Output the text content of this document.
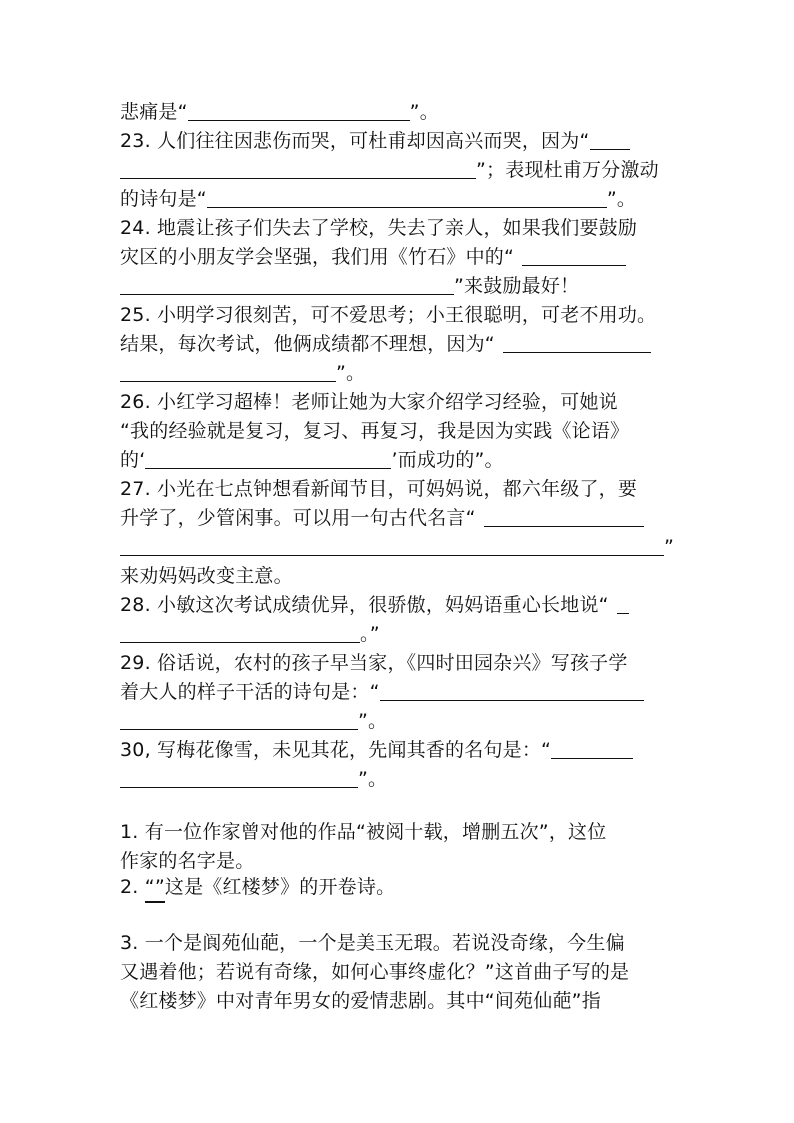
悲痛是“	”。
23. 人们往往因悲伤而哭，可杜甫却因高兴而哭，因为“
”；表现杜甫万分激动
的诗句是“	”。
24. 地震让孩子们失去了学校，失去了亲人，如果我们要鼓励
灾区的小朋友学会坚强，我们用《竹石》中的“
”来鼓励最好！
25. 小明学习很刻苦，可不爱思考；小王很聪明，可老不用功。
结果，每次考试，他俩成绩都不理想，因为“
”。
26. 小红学习超棒！老师让她为大家介绍学习经验，可她说
“我的经验就是复习，复习、再复习，我是因为实践《论语》
的‘	’而成功的”。
27. 小光在七点钟想看新闻节目，可妈妈说，都六年级了，要
升学了，少管闲事。可以用一句古代名言“
”
来劝妈妈改变主意。
28. 小敏这次考试成绩优异，很骄傲，妈妈语重心长地说“
。”
29. 俗话说，农村的孩子早当家，《四时田园杂兴》写孩子学
着大人的样子干活的诗句是：“
”。
30, 写梅花像雪，未见其花，先闻其香的名句是：“
”。
1. 有一位作家曾对他的作品“被阅十载，增删五次”，这位
作家的名字是。
2. “”这是《红楼梦》的开卷诗。
3. 一个是阆苑仙葩，一个是美玉无瑕。若说没奇缘，今生偏
又遇着他；若说有奇缘，如何心事终虚化？”这首曲子写的是
《红楼梦》中对青年男女的爱情悲剧。其中“间苑仙葩”指
